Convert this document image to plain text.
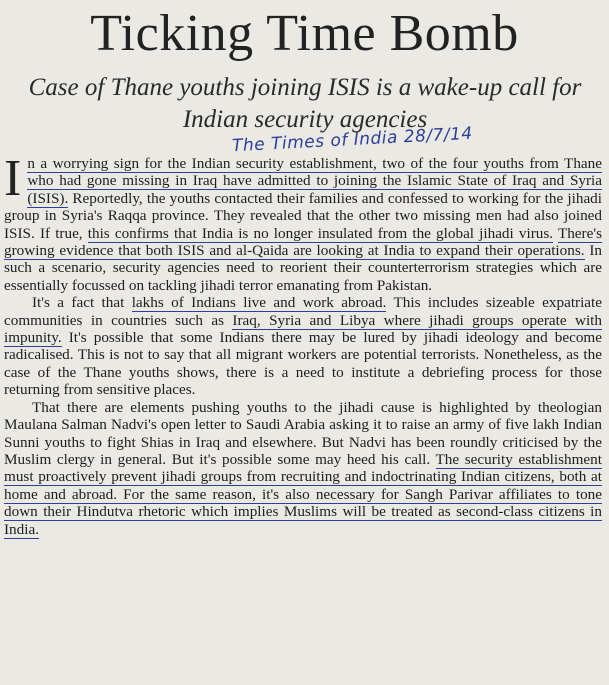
Ticking Time Bomb
Case of Thane youths joining ISIS is a wake-up call for Indian security agencies
The Times of India 28/7/14

In a worrying sign for the Indian security establishment, two of the four youths from Thane who had gone missing in Iraq have admitted to joining the Islamic State of Iraq and Syria (ISIS). Reportedly, the youths contacted their families and confessed to working for the jihadi group in Syria's Raqqa province. They revealed that the other two missing men had also joined ISIS. If true, this confirms that India is no longer insulated from the global jihadi virus. There's growing evidence that both ISIS and al-Qaida are looking at India to expand their operations. In such a scenario, security agencies need to reorient their counterterrorism strategies which are essentially focussed on tackling jihadi terror emanating from Pakistan.

It's a fact that lakhs of Indians live and work abroad. This includes sizeable expatriate communities in countries such as Iraq, Syria and Libya where jihadi groups operate with impunity. It's possible that some Indians there may be lured by jihadi ideology and become radicalised. This is not to say that all migrant workers are potential terrorists. Nonetheless, as the case of the Thane youths shows, there is a need to institute a debriefing process for those returning from sensitive places.

That there are elements pushing youths to the jihadi cause is highlighted by theologian Maulana Salman Nadvi's open letter to Saudi Arabia asking it to raise an army of five lakh Indian Sunni youths to fight Shias in Iraq and elsewhere. But Nadvi has been roundly criticised by the Muslim clergy in general. But it's possible some may heed his call. The security establishment must proactively prevent jihadi groups from recruiting and indoctrinating Indian citizens, both at home and abroad. For the same reason, it's also necessary for Sangh Parivar affiliates to tone down their Hindutva rhetoric which implies Muslims will be treated as second-class citizens in India.
